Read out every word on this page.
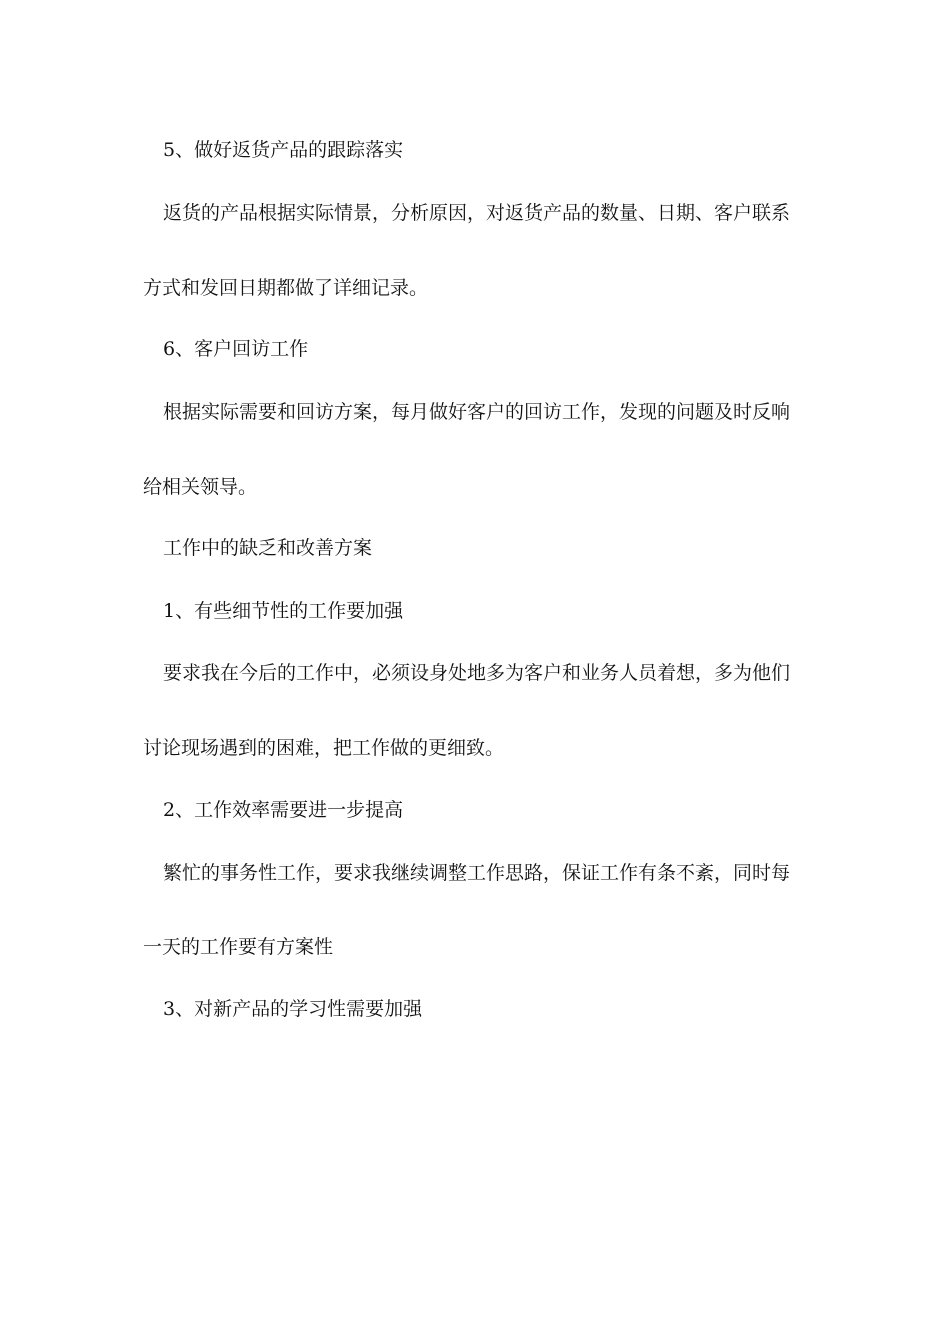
5、做好返货产品的跟踪落实
返货的产品根据实际情景，分析原因，对返货产品的数量、日期、客户联系
方式和发回日期都做了详细记录。
6、客户回访工作
根据实际需要和回访方案，每月做好客户的回访工作，发现的问题及时反响
给相关领导。
工作中的缺乏和改善方案
1、有些细节性的工作要加强
要求我在今后的工作中，必须设身处地多为客户和业务人员着想，多为他们
讨论现场遇到的困难，把工作做的更细致。
2、工作效率需要进一步提高
繁忙的事务性工作，要求我继续调整工作思路，保证工作有条不紊，同时每
一天的工作要有方案性
3、对新产品的学习性需要加强
